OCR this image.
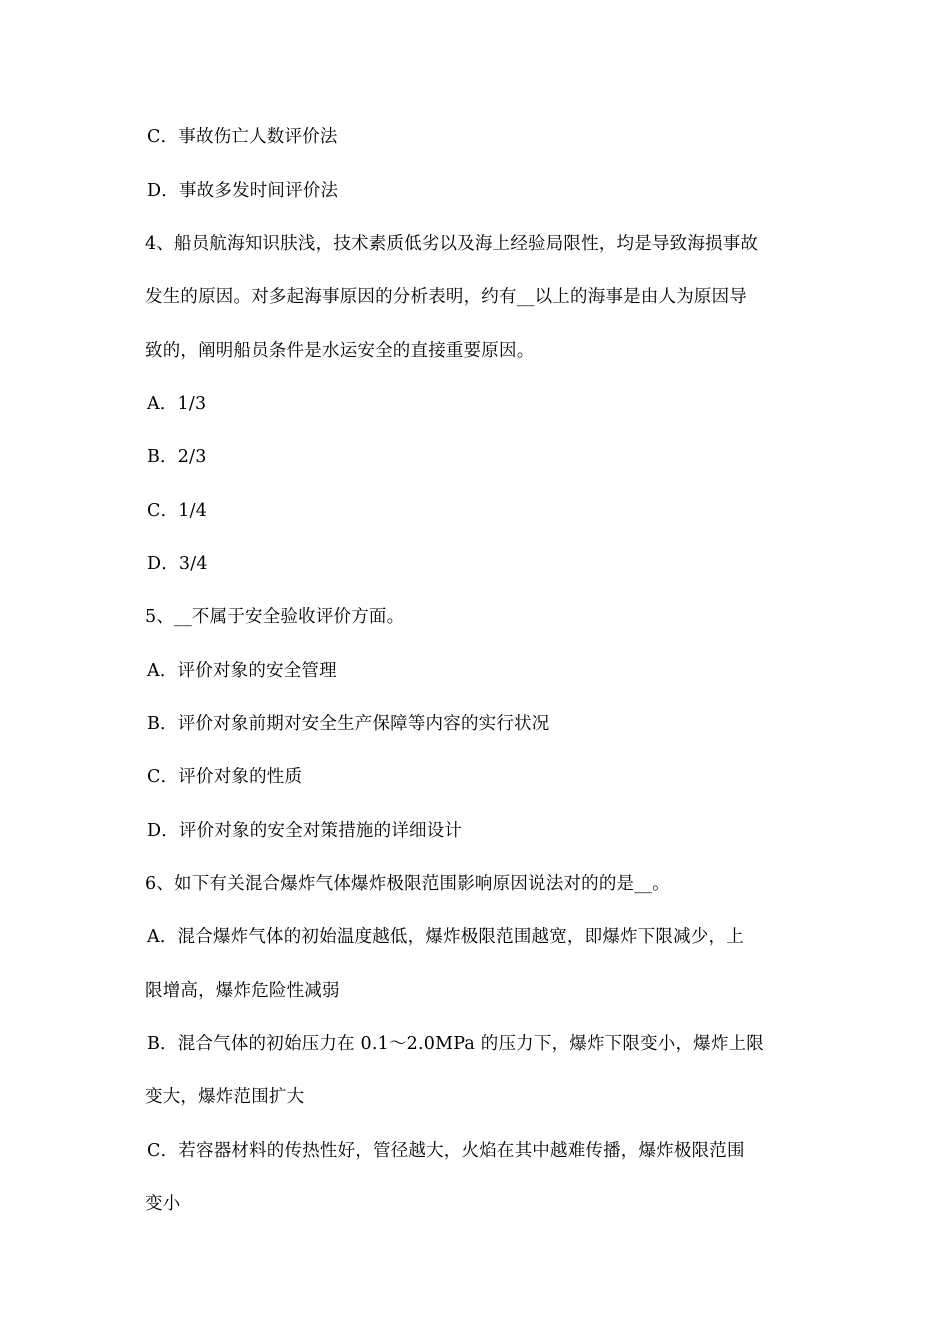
C．事故伤亡人数评价法
D．事故多发时间评价法
4、船员航海知识肤浅，技术素质低劣以及海上经验局限性，均是导致海损事故
发生的原因。对多起海事原因的分析表明，约有__以上的海事是由人为原因导
致的，阐明船员条件是水运安全的直接重要原因。
A．1/3
B．2/3
C．1/4
D．3/4
5、__不属于安全验收评价方面。
A．评价对象的安全管理
B．评价对象前期对安全生产保障等内容的实行状况
C．评价对象的性质
D．评价对象的安全对策措施的详细设计
6、如下有关混合爆炸气体爆炸极限范围影响原因说法对的的是__。
A．混合爆炸气体的初始温度越低，爆炸极限范围越宽，即爆炸下限减少，上
限增高，爆炸危险性减弱
B．混合气体的初始压力在 0.1～2.0MPa 的压力下，爆炸下限变小，爆炸上限
变大，爆炸范围扩大
C．若容器材料的传热性好，管径越大，火焰在其中越难传播，爆炸极限范围
变小
